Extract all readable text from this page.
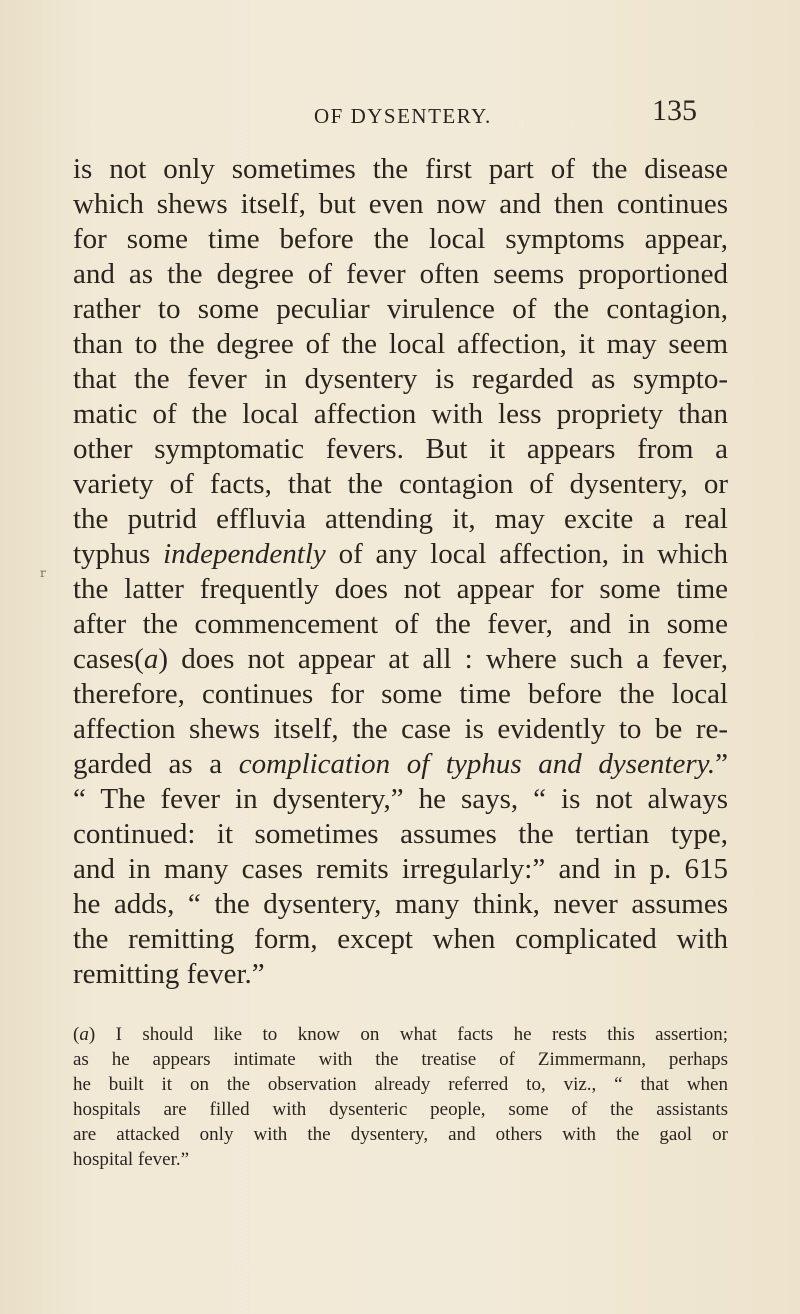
OF DYSENTERY.	135
r
is not only sometimes the first part of the disease
which shews itself, but even now and then continues
for some time before the local symptoms appear,
and as the degree of fever often seems proportioned
rather to some peculiar virulence of the contagion,
than to the degree of the local affection, it may seem
that the fever in dysentery is regarded as sympto-
matic of the local affection with less propriety than
other symptomatic fevers. But it appears from a
variety of facts, that the contagion of dysentery, or
the putrid effluvia attending it, may excite a real
typhus independently of any local affection, in which
the latter frequently does not appear for some time
after the commencement of the fever, and in some
cases(a) does not appear at all : where such a fever,
therefore, continues for some time before the local
affection shews itself, the case is evidently to be re-
garded as a complication of typhus and dysentery.”
“ The fever in dysentery,” he says, “ is not always
continued: it sometimes assumes the tertian type,
and in many cases remits irregularly:” and in p. 615
he adds, “ the dysentery, many think, never assumes
the remitting form, except when complicated with
remitting fever.”
(a) I should like to know on what facts he rests this assertion;
as he appears intimate with the treatise of Zimmermann, perhaps
he built it on the observation already referred to, viz., “ that when
hospitals are filled with dysenteric people, some of the assistants
are attacked only with the dysentery, and others with the gaol or
hospital fever.”
